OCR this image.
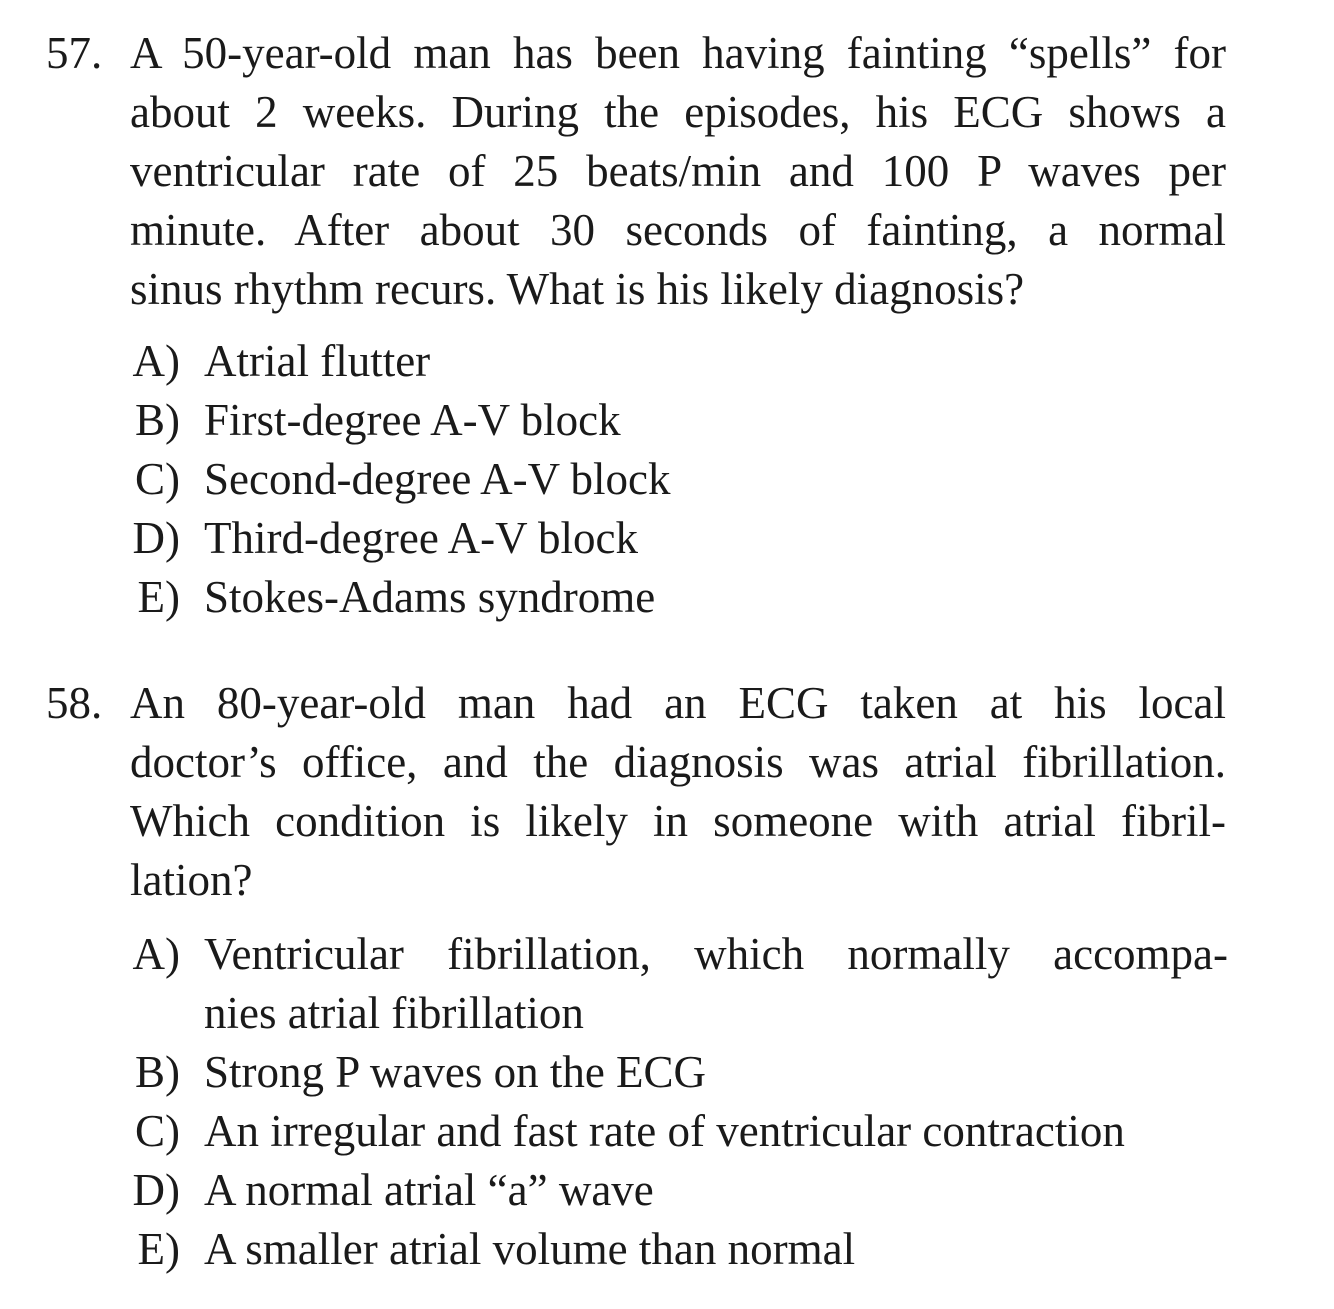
57. A 50-year-old man has been having fainting “spells” for
about 2 weeks. During the episodes, his ECG shows a
ventricular rate of 25 beats/min and 100 P waves per
minute. After about 30 seconds of fainting, a normal
sinus rhythm recurs. What is his likely diagnosis?
A) Atrial flutter
B) First-degree A-V block
C) Second-degree A-V block
D) Third-degree A-V block
E) Stokes-Adams syndrome
58. An 80-year-old man had an ECG taken at his local
doctor’s office, and the diagnosis was atrial fibrillation.
Which condition is likely in someone with atrial fibril-
lation?
A) Ventricular fibrillation, which normally accompa-
nies atrial fibrillation
B) Strong P waves on the ECG
C) An irregular and fast rate of ventricular contraction
D) A normal atrial “a” wave
E) A smaller atrial volume than normal
